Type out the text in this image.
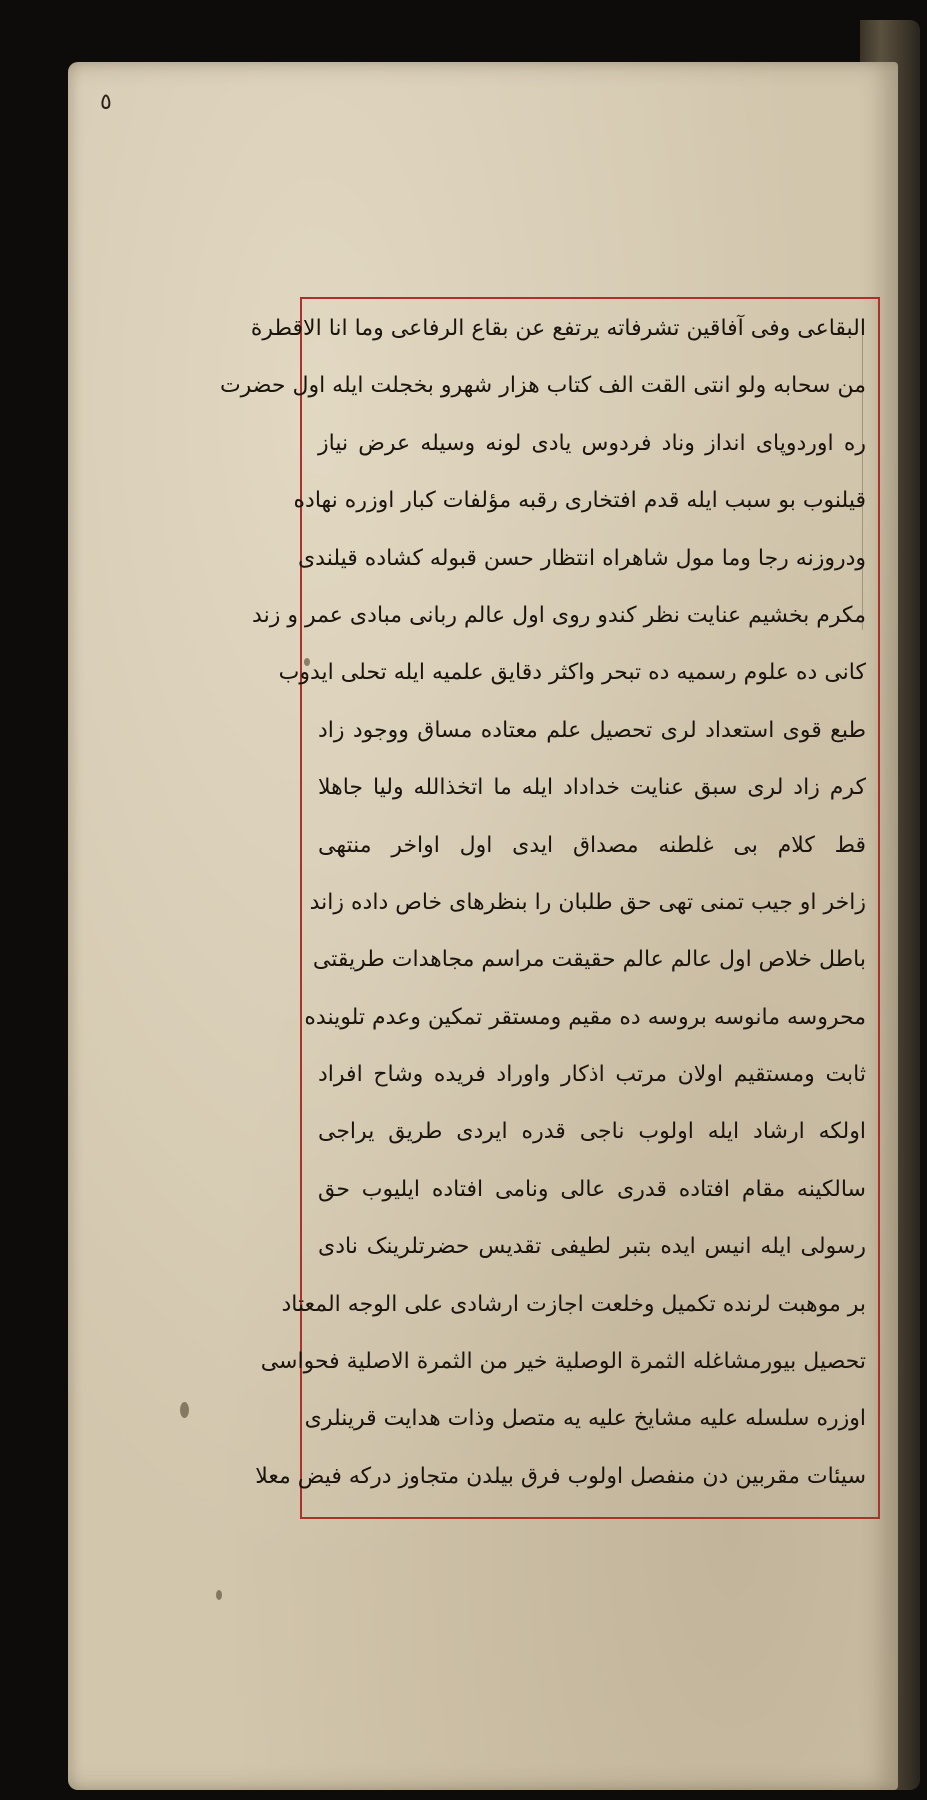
٥
البقاعی وفی آفاقین تشرفاته یرتفع عن بقاع الرفاعی وما انا الاقطرة
من سحابه ولو انتی القت الف کتاب هزار شهرو بخجلت ایله اول حضرت
ره اوردوپای انداز وناد فردوس یادی لونه وسیله عرض نیاز
قیلنوب بو سبب ایله قدم افتخاری رقبه مؤلفات کبار اوزره نهاده
ودروزنه رجا وما مول شاهراه انتظار حسن قبوله کشاده قیلندی
مکرم بخشیم عنایت نظر کندو روی اول عالم ربانی مبادی عمر و زند
کانی ده علوم رسمیه ده تبحر واکثر دقایق علمیه ایله تحلی ایدوب
طبع قوی استعداد لری تحصیل علم معتاده مساق ووجود زاد
کرم زاد لری سبق عنایت خداداد ایله ما اتخذالله ولیا جاهلا
قط کلام بی غلطنه مصداق ایدی اول اواخر منتهی
زاخر او جیب تمنی تهی حق طلبان را بنظرهای خاص داده زاند
باطل خلاص اول عالم عالم حقیقت مراسم مجاهدات طریقتی
محروسه مانوسه بروسه ده مقیم ومستقر تمکین وعدم تلوینده
ثابت ومستقیم اولان مرتب اذکار واوراد فریده وشاح افراد
اولکه ارشاد ایله اولوب ناجی قدره ایردی طریق یراجی
سالکینه مقام افتاده قدری عالی ونامی افتاده ایلیوب حق
رسولی ایله انیس ایده بتبر لطیفی تقدیس حضرتلرینک نادی
بر موهبت لرنده تکمیل وخلعت اجازت ارشادی علی الوجه المعتاد
تحصیل بیورمشاغله الثمرة الوصلیة خیر من الثمرة الاصلیة فحواسی
اوزره سلسله علیه مشایخ علیه یه متصل وذات هدایت قرینلری
سیئات مقربین دن منفصل اولوب فرق بیلدن متجاوز درکه فیض معلا
